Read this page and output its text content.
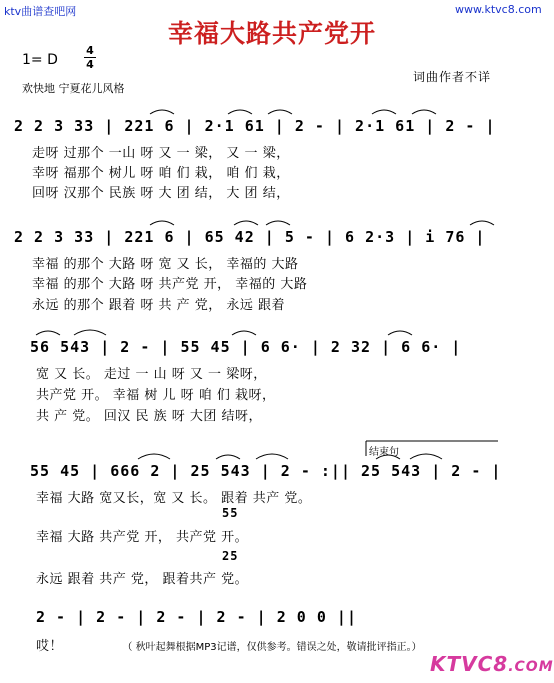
ktv曲谱查吧网	www.ktvc8.com
幸福大路共产党开
1= D
4
4
欢快地 宁夏花儿风格
词曲作者不详
2 2 3 33 | 221 6 | 2·1 61 | 2 - | 2·1 61 | 2 - |
走呀 过那个 一山 呀 又 一 梁， 又 一 梁，
幸呀 福那个 树儿 呀 咱 们 栽， 咱 们 栽，
回呀 汉那个 民族 呀 大 团 结， 大 团 结，
2 2 3 33 | 221 6 | 65 42 | 5 - | 6 2·3 | i 76 |
幸福 的那个 大路 呀 宽 又 长， 幸福的 大路
幸福 的那个 大路 呀 共产党 开， 幸福的 大路
永远 的那个 跟着 呀 共 产 党， 永远 跟着
56 543 | 2 - | 55 45 | 6 6· | 2 32 | 6 6· |
宽 又 长。 走过 一 山 呀 又 一 梁呀，
共产党 开。 幸福 树 儿 呀 咱 们 栽呀，
共 产 党。 回汉 民 族 呀 大团 结呀，
结束句
55 45 | 666 2 | 25 543 | 2 - :|| 25 543 | 2 - |
幸福 大路 宽又长，宽 又 长。 跟着 共产 党。
55
幸福 大路 共产党 开， 共产党 开。
25
永远 跟着 共产 党， 跟着共产 党。
2 - | 2 - | 2 - | 2 - | 2 0 0 ||
哎！	（ 秋叶起舞根据MP3记谱，仅供参考。错误之处，敬请批评指正。）
KTVC8.COM
